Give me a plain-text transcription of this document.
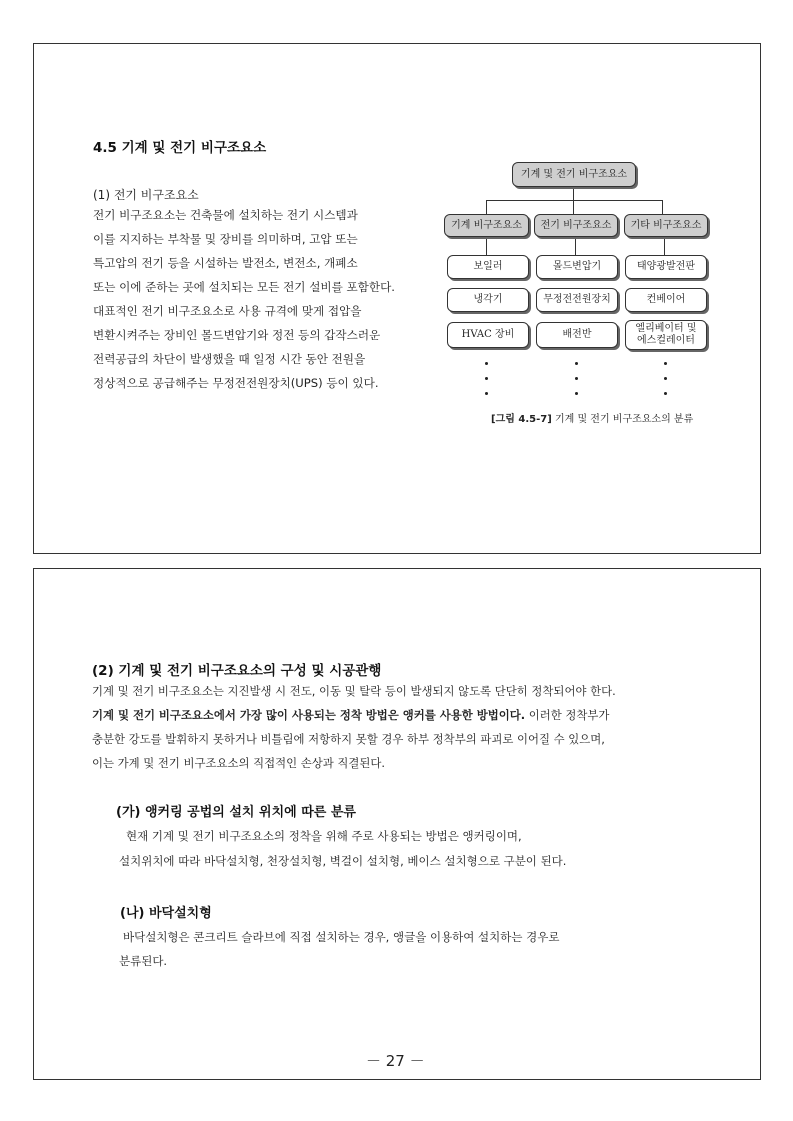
4.5 기계 및 전기 비구조요소
(1) 전기 비구조요소
전기 비구조요소는 건축물에 설치하는 전기 시스템과
이를 지지하는 부착물 및 장비를 의미하며, 고압 또는
특고압의 전기 등을 시설하는 발전소, 변전소, 개폐소
또는 이에 준하는 곳에 설치되는 모든 전기 설비를 포함한다.
대표적인 전기 비구조요소로 사용 규격에 맞게 접압을
변환시켜주는 장비인 몰드변압기와 정전 등의 갑작스러운
전력공급의 차단이 발생했을 때 일정 시간 동안 전원을
정상적으로 공급해주는 무정전전원장치(UPS) 등이 있다.
기계 및 전기 비구조요소
기계 비구조요소	전기 비구조요소	기타 비구조요소
보일러
냉각기
HVAC 장비
몰드변압기
무정전전원장치
배전반
태양광발전판
컨베이어
엘리베이터 및
에스컬레이터
[그림 4.5-7] 기계 및 전기 비구조요소의 분류
(2) 기계 및 전기 비구조요소의 구성 및 시공관행
기계 및 전기 비구조요소는 지진발생 시 전도, 이동 및 탈락 등이 발생되지 않도록 단단히 정착되어야 한다.
기계 및 전기 비구조요소에서 가장 많이 사용되는 정착 방법은 앵커를 사용한 방법이다. 이러한 정착부가
충분한 강도를 발휘하지 못하거나 비틀림에 저항하지 못할 경우 하부 정착부의 파괴로 이어질 수 있으며,
이는 가계 및 전기 비구조요소의 직접적인 손상과 직결된다.
(가) 앵커링 공법의 설치 위치에 따른 분류
현재 기계 및 전기 비구조요소의 정착을 위해 주로 사용되는 방법은 앵커링이며,
설치위치에 따라 바닥설치형, 천장설치형, 벽걸이 설치형, 베이스 설치형으로 구분이 된다.
(나) 바닥설치형
바닥설치형은 콘크리트 슬라브에 직접 설치하는 경우, 앵글을 이용하여 설치하는 경우로
분류된다.
－ 27 －
